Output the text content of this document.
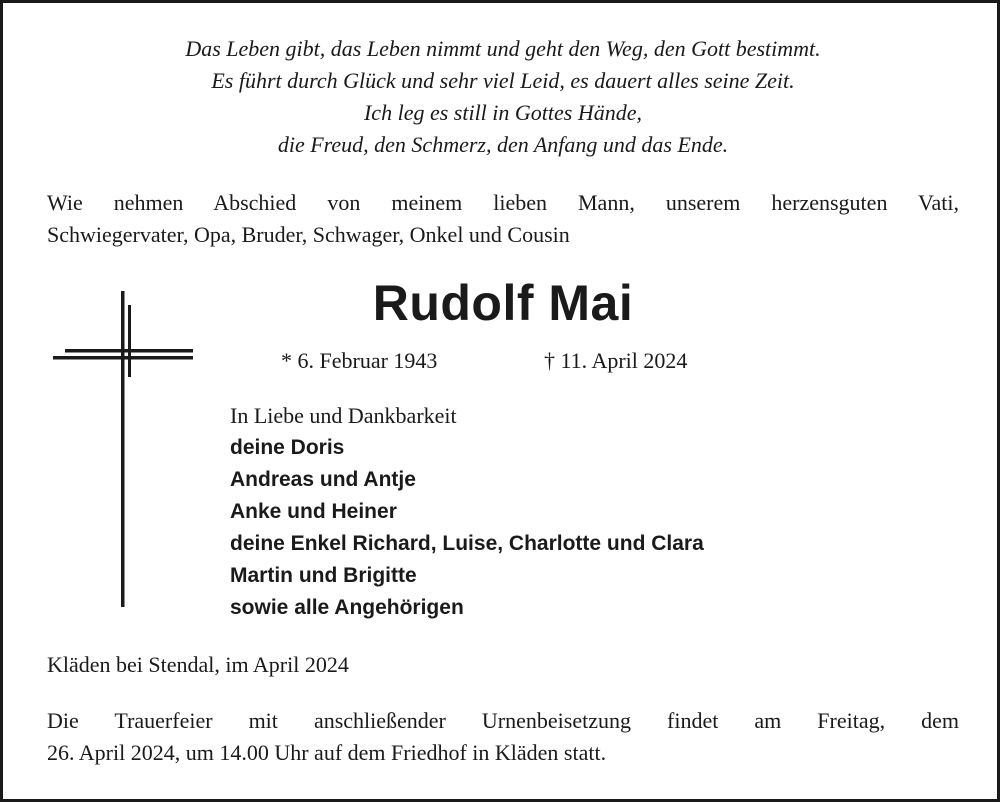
Das Leben gibt, das Leben nimmt und geht den Weg, den Gott bestimmt.
Es führt durch Glück und sehr viel Leid, es dauert alles seine Zeit.
Ich leg es still in Gottes Hände,
die Freud, den Schmerz, den Anfang und das Ende.
Wie nehmen Abschied von meinem lieben Mann, unserem herzensguten Vati,
Schwiegervater, Opa, Bruder, Schwager, Onkel und Cousin
Rudolf Mai
* 6. Februar 1943	† 11. April 2024
In Liebe und Dankbarkeit
deine Doris
Andreas und Antje
Anke und Heiner
deine Enkel Richard, Luise, Charlotte und Clara
Martin und Brigitte
sowie alle Angehörigen
Kläden bei Stendal, im April 2024
Die Trauerfeier mit anschließender Urnenbeisetzung findet am Freitag, dem
26. April 2024, um 14.00 Uhr auf dem Friedhof in Kläden statt.
